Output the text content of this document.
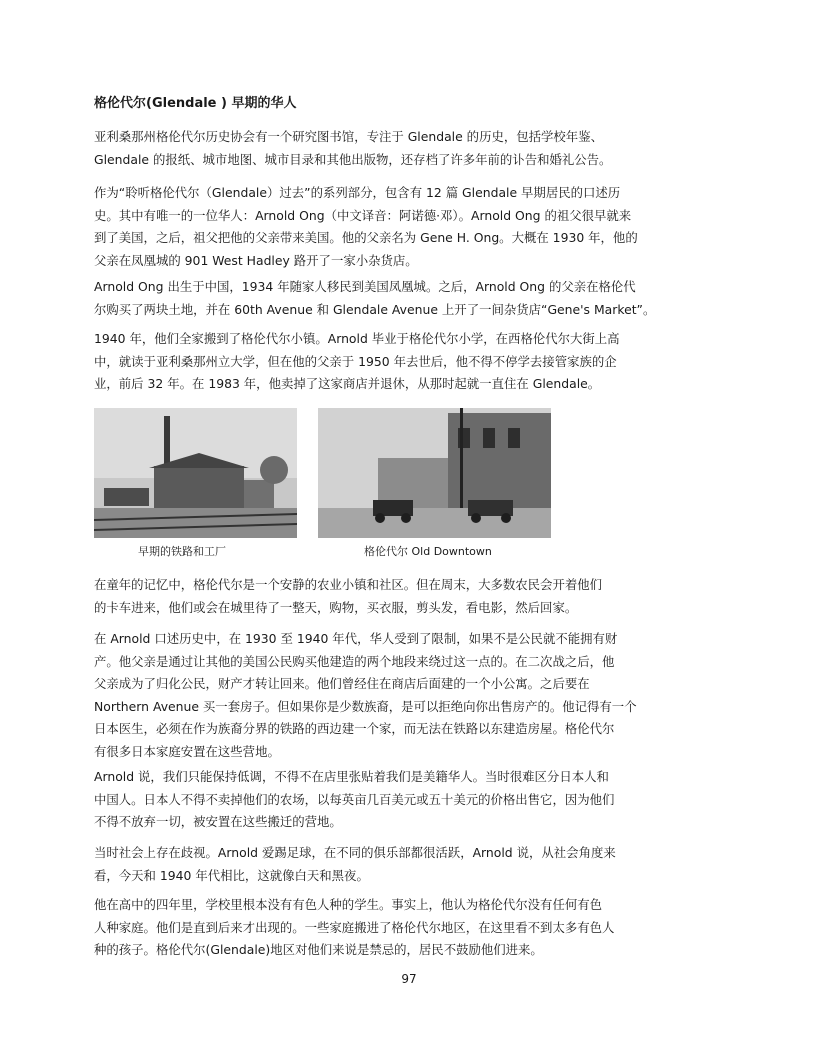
格伦代尔(Glendale ) 早期的华人
亚利桑那州格伦代尔历史协会有一个研究图书馆，专注于 Glendale 的历史，包括学校年鉴、
Glendale 的报纸、城市地图、城市目录和其他出版物，还存档了许多年前的讣告和婚礼公告。
作为“聆听格伦代尔（Glendale）过去”的系列部分，包含有 12 篇 Glendale 早期居民的口述历
史。其中有唯一的一位华人：Arnold Ong（中文译音：阿诺德·邓）。Arnold Ong 的祖父很早就来
到了美国，之后，祖父把他的父亲带来美国。他的父亲名为 Gene H. Ong。大概在 1930 年，他的
父亲在凤凰城的 901 West Hadley 路开了一家小杂货店。
Arnold Ong 出生于中国，1934 年随家人移民到美国凤凰城。之后，Arnold Ong 的父亲在格伦代
尔购买了两块土地，并在 60th Avenue 和 Glendale Avenue 上开了一间杂货店“Gene's Market”。
1940 年，他们全家搬到了格伦代尔小镇。Arnold 毕业于格伦代尔小学，在西格伦代尔大街上高
中，就读于亚利桑那州立大学，但在他的父亲于 1950 年去世后，他不得不停学去接管家族的企
业，前后 32 年。在 1983 年，他卖掉了这家商店并退休，从那时起就一直住在 Glendale。
早期的铁路和工厂	格伦代尔 Old Downtown
在童年的记忆中，格伦代尔是一个安静的农业小镇和社区。但在周末，大多数农民会开着他们
的卡车进来，他们或会在城里待了一整天，购物，买衣服，剪头发，看电影，然后回家。
在 Arnold 口述历史中，在 1930 至 1940 年代，华人受到了限制，如果不是公民就不能拥有财
产。他父亲是通过让其他的美国公民购买他建造的两个地段来绕过这一点的。在二次战之后，他
父亲成为了归化公民，财产才转让回来。他们曾经住在商店后面建的一个小公寓。之后要在
Northern Avenue 买一套房子。但如果你是少数族裔，是可以拒绝向你出售房产的。他记得有一个
日本医生，必须在作为族裔分界的铁路的西边建一个家，而无法在铁路以东建造房屋。格伦代尔
有很多日本家庭安置在这些营地。
Arnold 说，我们只能保持低调，不得不在店里张贴着我们是美籍华人。当时很难区分日本人和
中国人。日本人不得不卖掉他们的农场，以每英亩几百美元或五十美元的价格出售它，因为他们
不得不放弃一切，被安置在这些搬迁的营地。
当时社会上存在歧视。Arnold 爱踢足球，在不同的俱乐部都很活跃，Arnold 说，从社会角度来
看，今天和 1940 年代相比，这就像白天和黑夜。
他在高中的四年里，学校里根本没有有色人种的学生。事实上，他认为格伦代尔没有任何有色
人种家庭。他们是直到后来才出现的。一些家庭搬进了格伦代尔地区，在这里看不到太多有色人
种的孩子。格伦代尔(Glendale)地区对他们来说是禁忌的，居民不鼓励他们进来。
97
